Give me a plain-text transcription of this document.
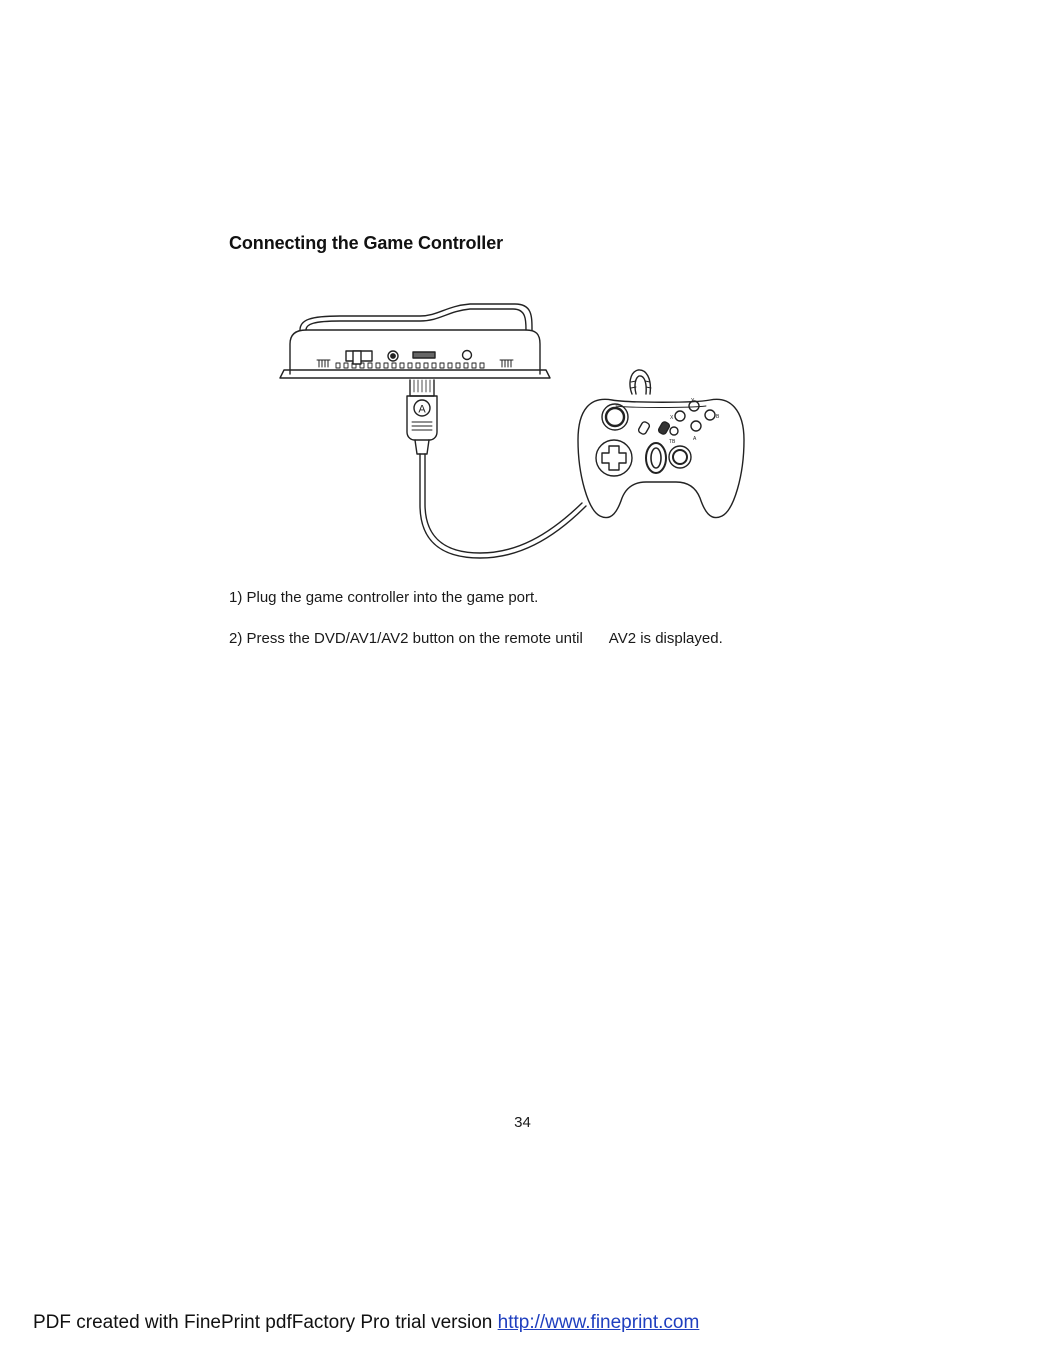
Connecting the Game Controller
A
TB	A
X
Y
B

1) Plug the game controller into the game port.

2) Press the DVD/AV1/AV2 button on the remote until AV2 is displayed.

34
PDF created with FinePrint pdfFactory Pro trial version http://www.fineprint.com
